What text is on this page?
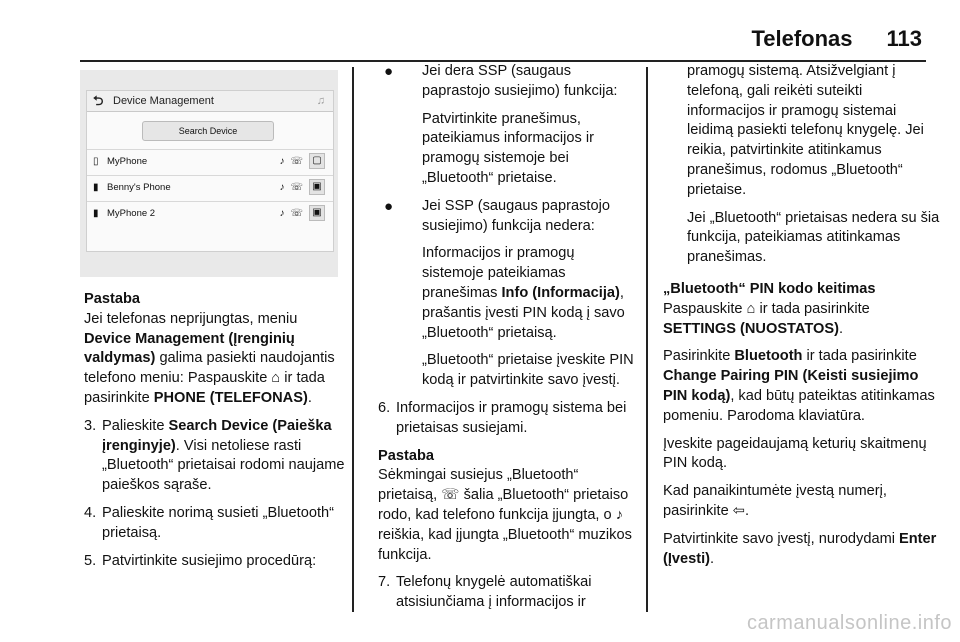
Telefonas 113
⮌ Device Management	♫
Search Device
▯ MyPhone	♪☏ ▢
▮ Benny's Phone	♪☏ ▣
▮ MyPhone 2	♪☏ ▣

Pastaba
Jei telefonas neprijungtas, meniu Device Management (Įrenginių valdymas) galima pasiekti naudojantis telefono meniu: Paspauskite ⌂ ir tada pasirinkite PHONE (TELEFONAS).

3. Palieskite Search Device (Paieška įrenginyje). Visi netoliese rasti „Bluetooth“ prietaisai rodomi naujame paieškos sąraše.
4. Palieskite norimą susieti „Bluetooth“ prietaisą.
5. Patvirtinkite susiejimo procedūrą:
● Jei dera SSP (saugaus paprastojo susiejimo) funkcija:
Patvirtinkite pranešimus, pateikiamus informacijos ir pramogų sistemoje bei „Bluetooth“ prietaise.
● Jei SSP (saugaus paprastojo susiejimo) funkcija nedera:
Informacijos ir pramogų sistemoje pateikiamas pranešimas Info (Informacija), prašantis įvesti PIN kodą į savo „Bluetooth“ prietaisą.
„Bluetooth“ prietaise įveskite PIN kodą ir patvirtinkite savo įvestį.
6. Informacijos ir pramogų sistema bei prietaisas susiejami.

Pastaba
Sėkmingai susiejus „Bluetooth“ prietaisą, ☏ šalia „Bluetooth“ prietaiso rodo, kad telefono funkcija įjungta, o ♪ reiškia, kad įjungta „Bluetooth“ muzikos funkcija.

7. Telefonų knygelė automatiškai atsisiunčiama į informacijos ir

pramogų sistemą. Atsižvelgiant į telefoną, gali reikėti suteikti informacijos ir pramogų sistemai leidimą pasiekti telefonų knygelę. Jei reikia, patvirtinkite atitinkamus pranešimus, rodomus „Bluetooth“ prietaise.

Jei „Bluetooth“ prietaisas nedera su šia funkcija, pateikiamas atitinkamas pranešimas.

„Bluetooth“ PIN kodo keitimas

Paspauskite ⌂ ir tada pasirinkite SETTINGS (NUOSTATOS).

Pasirinkite Bluetooth ir tada pasirinkite Change Pairing PIN (Keisti susiejimo PIN kodą), kad būtų pateiktas atitinkamas pomeniu. Parodoma klaviatūra.

Įveskite pageidaujamą keturių skaitmenų PIN kodą.

Kad panaikintumėte įvestą numerį, pasirinkite ⇦.

Patvirtinkite savo įvestį, nurodydami Enter (Įvesti).

carmanualsonline.info
